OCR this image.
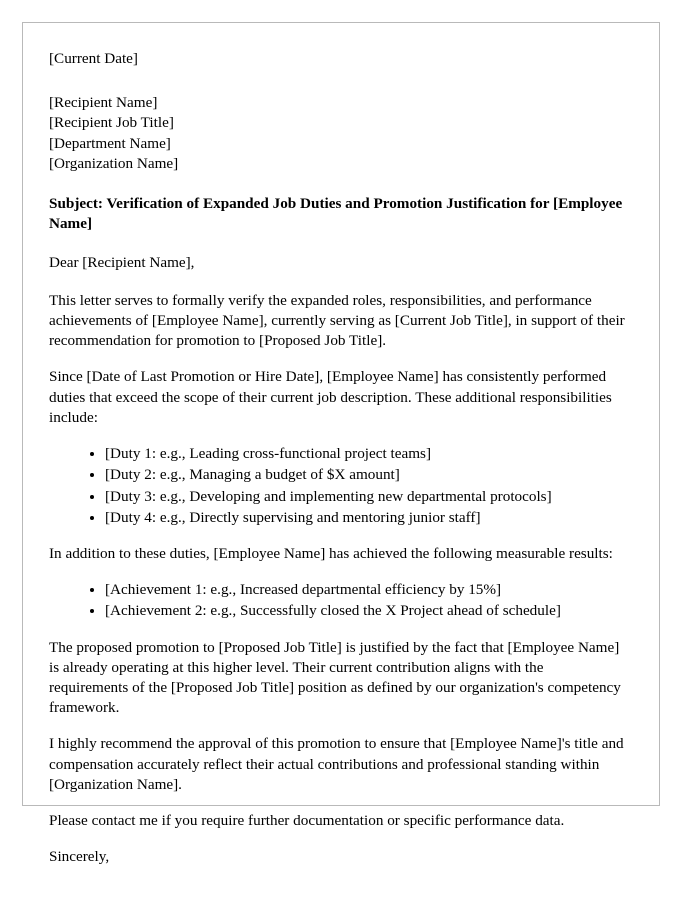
[Current Date]

[Recipient Name]
[Recipient Job Title]
[Department Name]
[Organization Name]

Subject: Verification of Expanded Job Duties and Promotion Justification for [Employee Name]

Dear [Recipient Name],

This letter serves to formally verify the expanded roles, responsibilities, and performance achievements of [Employee Name], currently serving as [Current Job Title], in support of their recommendation for promotion to [Proposed Job Title].

Since [Date of Last Promotion or Hire Date], [Employee Name] has consistently performed duties that exceed the scope of their current job description. These additional responsibilities include:

• [Duty 1: e.g., Leading cross-functional project teams]
• [Duty 2: e.g., Managing a budget of $X amount]
• [Duty 3: e.g., Developing and implementing new departmental protocols]
• [Duty 4: e.g., Directly supervising and mentoring junior staff]

In addition to these duties, [Employee Name] has achieved the following measurable results:

• [Achievement 1: e.g., Increased departmental efficiency by 15%]
• [Achievement 2: e.g., Successfully closed the X Project ahead of schedule]

The proposed promotion to [Proposed Job Title] is justified by the fact that [Employee Name] is already operating at this higher level. Their current contribution aligns with the requirements of the [Proposed Job Title] position as defined by our organization's competency framework.

I highly recommend the approval of this promotion to ensure that [Employee Name]'s title and compensation accurately reflect their actual contributions and professional standing within [Organization Name].

Please contact me if you require further documentation or specific performance data.

Sincerely,
